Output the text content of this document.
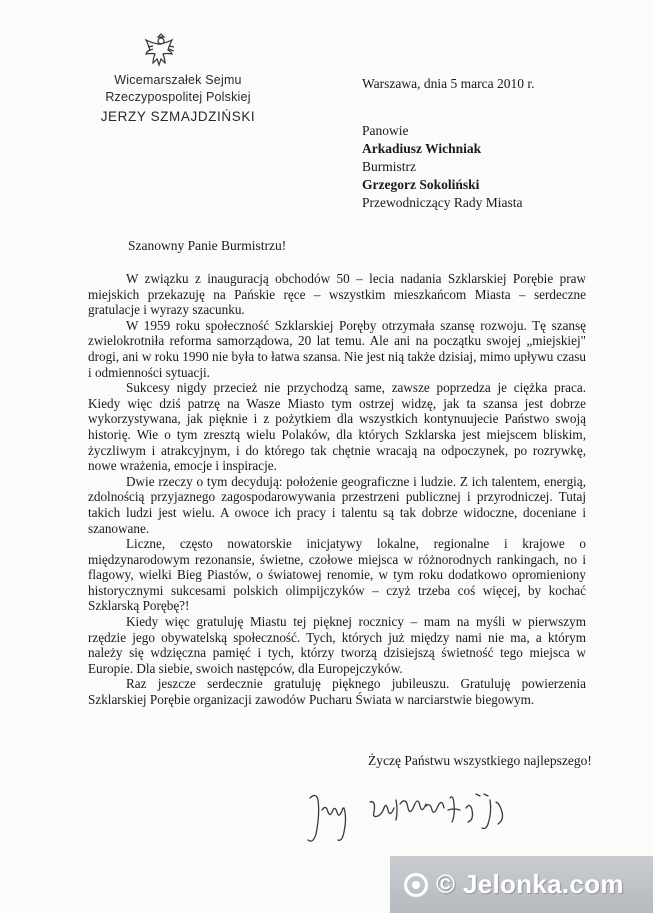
Wicemarszałek Sejmu
Rzeczypospolitej Polskiej
JERZY SZMAJDZIŃSKI
Warszawa, dnia 5 marca 2010 r.
Panowie
Arkadiusz Wichniak
Burmistrz
Grzegorz Sokoliński
Przewodniczący Rady Miasta
Szanowny Panie Burmistrzu!

W związku z inauguracją obchodów 50 – lecia nadania Szklarskiej Porębie praw miejskich przekazuję na Pańskie ręce – wszystkim mieszkańcom Miasta – serdeczne gratulacje i wyrazy szacunku.

W 1959 roku społeczność Szklarskiej Poręby otrzymała szansę rozwoju. Tę szansę zwielokrotniła reforma samorządowa, 20 lat temu. Ale ani na początku swojej „miejskiej" drogi, ani w roku 1990 nie była to łatwa szansa. Nie jest nią także dzisiaj, mimo upływu czasu i odmienności sytuacji.

Sukcesy nigdy przecież nie przychodzą same, zawsze poprzedza je ciężka praca. Kiedy więc dziś patrzę na Wasze Miasto tym ostrzej widzę, jak ta szansa jest dobrze wykorzystywana, jak pięknie i z pożytkiem dla wszystkich kontynuujecie Państwo swoją historię. Wie o tym zresztą wielu Polaków, dla których Szklarska jest miejscem bliskim, życzliwym i atrakcyjnym, i do którego tak chętnie wracają na odpoczynek, po rozrywkę, nowe wrażenia, emocje i inspiracje.

Dwie rzeczy o tym decydują: położenie geograficzne i ludzie. Z ich talentem, energią, zdolnością przyjaznego zagospodarowywania przestrzeni publicznej i przyrodniczej. Tutaj takich ludzi jest wielu. A owoce ich pracy i talentu są tak dobrze widoczne, doceniane i szanowane.

Liczne, często nowatorskie inicjatywy lokalne, regionalne i krajowe o międzynarodowym rezonansie, świetne, czołowe miejsca w różnorodnych rankingach, no i flagowy, wielki Bieg Piastów, o światowej renomie, w tym roku dodatkowo opromieniony historycznymi sukcesami polskich olimpijczyków – czyż trzeba coś więcej, by kochać Szklarską Porębę?!

Kiedy więc gratuluję Miastu tej pięknej rocznicy – mam na myśli w pierwszym rzędzie jego obywatelską społeczność. Tych, których już między nami nie ma, a którym należy się wdzięczna pamięć i tych, którzy tworzą dzisiejszą świetność tego miejsca w Europie. Dla siebie, swoich następców, dla Europejczyków.

Raz jeszcze serdecznie gratuluję pięknego jubileuszu. Gratuluję powierzenia Szklarskiej Porębie organizacji zawodów Pucharu Świata w narciarstwie biegowym.

Życzę Państwu wszystkiego najlepszego!
© Jelonka.com
